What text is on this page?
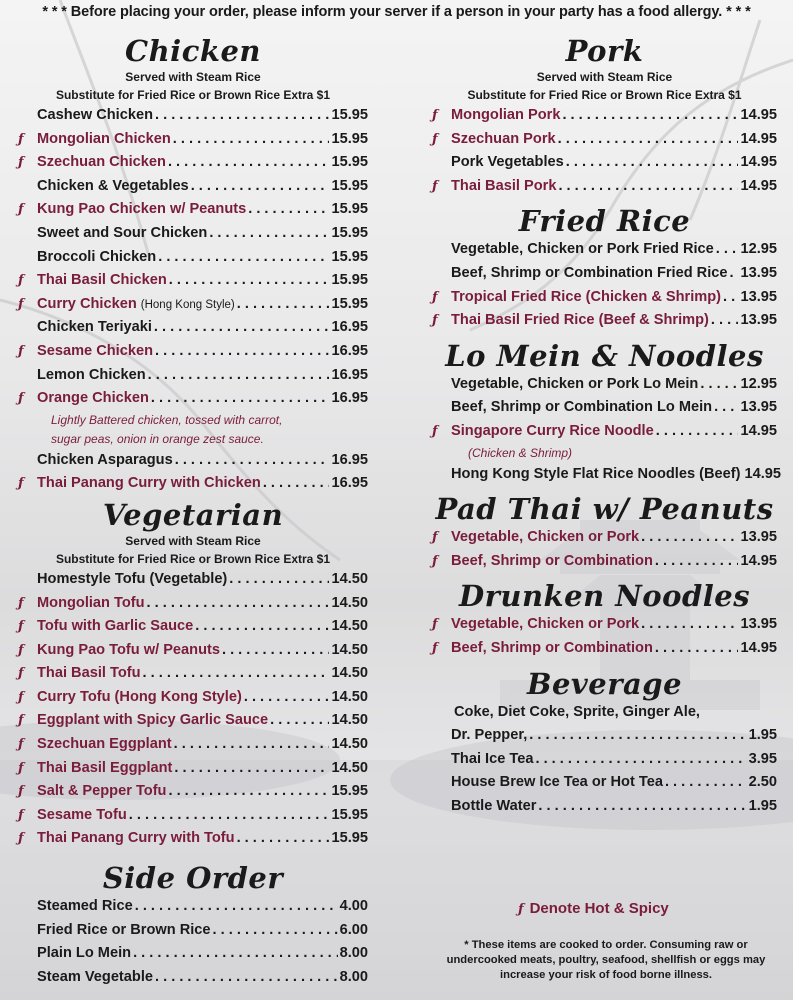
* * * Before placing your order, please inform your server if a person in your party has a food allergy. * * *
Chicken
Served with Steam Rice
Substitute for Fried Rice or Brown Rice Extra $1
Cashew Chicken . . .	15.95
ƒ Mongolian Chicken . . .	15.95
ƒ Szechuan Chicken . . .	15.95
Chicken & Vegetables . . .	15.95
ƒ Kung Pao Chicken w/ Peanuts . . .	15.95
Sweet and Sour Chicken . . .	15.95
Broccoli Chicken . . .	15.95
ƒ Thai Basil Chicken . . .	15.95
ƒ Curry Chicken (Hong Kong Style) . . .	15.95
Chicken Teriyaki . . .	16.95
ƒ Sesame Chicken . . .	16.95
Lemon Chicken . . .	16.95
ƒ Orange Chicken . . .	16.95
Lightly Battered chicken, tossed with carrot,
sugar peas, onion in orange zest sauce.
Chicken Asparagus . . .	16.95
ƒ Thai Panang Curry with Chicken . . .	16.95
Vegetarian
Served with Steam Rice
Substitute for Fried Rice or Brown Rice Extra $1
Homestyle Tofu (Vegetable) . . .	14.50
ƒ Mongolian Tofu . . .	14.50
ƒ Tofu with Garlic Sauce . . .	14.50
ƒ Kung Pao Tofu w/ Peanuts . . .	14.50
ƒ Thai Basil Tofu . . .	14.50
ƒ Curry Tofu (Hong Kong Style) . . .	14.50
ƒ Eggplant with Spicy Garlic Sauce . . .	14.50
ƒ Szechuan Eggplant . . .	14.50
ƒ Thai Basil Eggplant . . .	14.50
ƒ Salt & Pepper Tofu . . .	15.95
ƒ Sesame Tofu . . .	15.95
ƒ Thai Panang Curry with Tofu . . .	15.95
Side Order
Steamed Rice . . .	4.00
Fried Rice or Brown Rice . . .	6.00
Plain Lo Mein . . .	8.00
Steam Vegetable . . .	8.00
Pork
Served with Steam Rice
Substitute for Fried Rice or Brown Rice Extra $1
ƒ Mongolian Pork . . .	14.95
ƒ Szechuan Pork . . .	14.95
Pork Vegetables . . .	14.95
ƒ Thai Basil Pork . . .	14.95
Fried Rice
Vegetable, Chicken or Pork Fried Rice . . . 12.95
Beef, Shrimp or Combination Fried Rice . . . 13.95
ƒ Tropical Fried Rice (Chicken & Shrimp) . . . 13.95
ƒ Thai Basil Fried Rice (Beef & Shrimp) . . . 13.95
Lo Mein & Noodles
Vegetable, Chicken or Pork Lo Mein . . .	12.95
Beef, Shrimp or Combination Lo Mein . . . 13.95
ƒ Singapore Curry Rice Noodle . . .	14.95
(Chicken & Shrimp)
Hong Kong Style Flat Rice Noodles (Beef) 14.95
Pad Thai w/ Peanuts
ƒ Vegetable, Chicken or Pork . . .	13.95
ƒ Beef, Shrimp or Combination . . .	14.95
Drunken Noodles
ƒ Vegetable, Chicken or Pork . . .	13.95
ƒ Beef, Shrimp or Combination . . .	14.95
Beverage
Coke, Diet Coke, Sprite, Ginger Ale,
Dr. Pepper, . . .	1.95
Thai Ice Tea . . .	3.95
House Brew Ice Tea or Hot Tea . . .	2.50
Bottle Water . . .	1.95
ƒ Denote Hot & Spicy
* These items are cooked to order. Consuming raw or undercooked meats, poultry, seafood, shellfish or eggs may increase your risk of food borne illness.
